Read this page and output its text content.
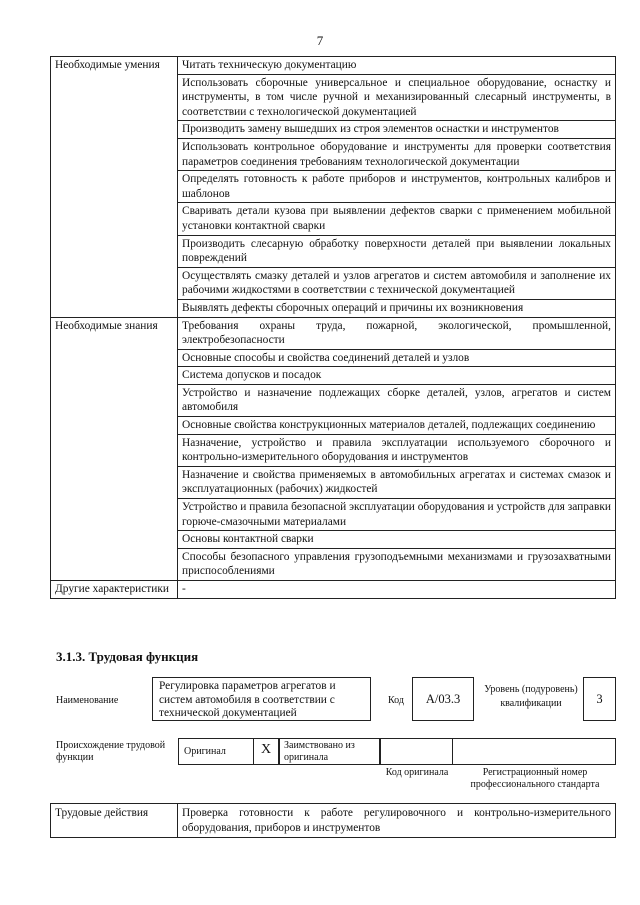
7
Необходимые умения	Читать техническую документацию
	Использовать сборочные универсальное и специальное оборудование, оснастку и инструменты, в том числе ручной и механизированный слесарный инструменты, в соответствии с технологической документацией
	Производить замену вышедших из строя элементов оснастки и инструментов
	Использовать контрольное оборудование и инструменты для проверки соответствия параметров соединения требованиям технологической документации
	Определять готовность к работе приборов и инструментов, контрольных калибров и шаблонов
	Сваривать детали кузова при выявлении дефектов сварки с применением мобильной установки контактной сварки
	Производить слесарную обработку поверхности деталей при выявлении локальных повреждений
	Осуществлять смазку деталей и узлов агрегатов и систем автомобиля и заполнение их рабочими жидкостями в соответствии с технической документацией
	Выявлять дефекты сборочных операций и причины их возникновения
Необходимые знания	Требования охраны труда, пожарной, экологической, промышленной, электробезопасности
	Основные способы и свойства соединений деталей и узлов
	Система допусков и посадок
	Устройство и назначение подлежащих сборке деталей, узлов, агрегатов и систем автомобиля
	Основные свойства конструкционных материалов деталей, подлежащих соединению
	Назначение, устройство и правила эксплуатации используемого сборочного и контрольно-измерительного оборудования и инструментов
	Назначение и свойства применяемых в автомобильных агрегатах и системах смазок и эксплуатационных (рабочих) жидкостей
	Устройство и правила безопасной эксплуатации оборудования и устройств для заправки горюче-смазочными материалами
	Основы контактной сварки
	Способы безопасного управления грузоподъемными механизмами и грузозахватными приспособлениями
Другие характеристики	-
3.1.3. Трудовая функция
Наименование
Регулировка параметров агрегатов и систем автомобиля в соответствии с технической документацией
Код	А/03.3
Уровень (подуровень) квалификации	3
Происхождение трудовой функции
Оригинал	X	Заимствовано из оригинала
Код оригинала	Регистрационный номер профессионального стандарта
Трудовые действия	Проверка готовности к работе регулировочного и контрольно-измерительного оборудования, приборов и инструментов
